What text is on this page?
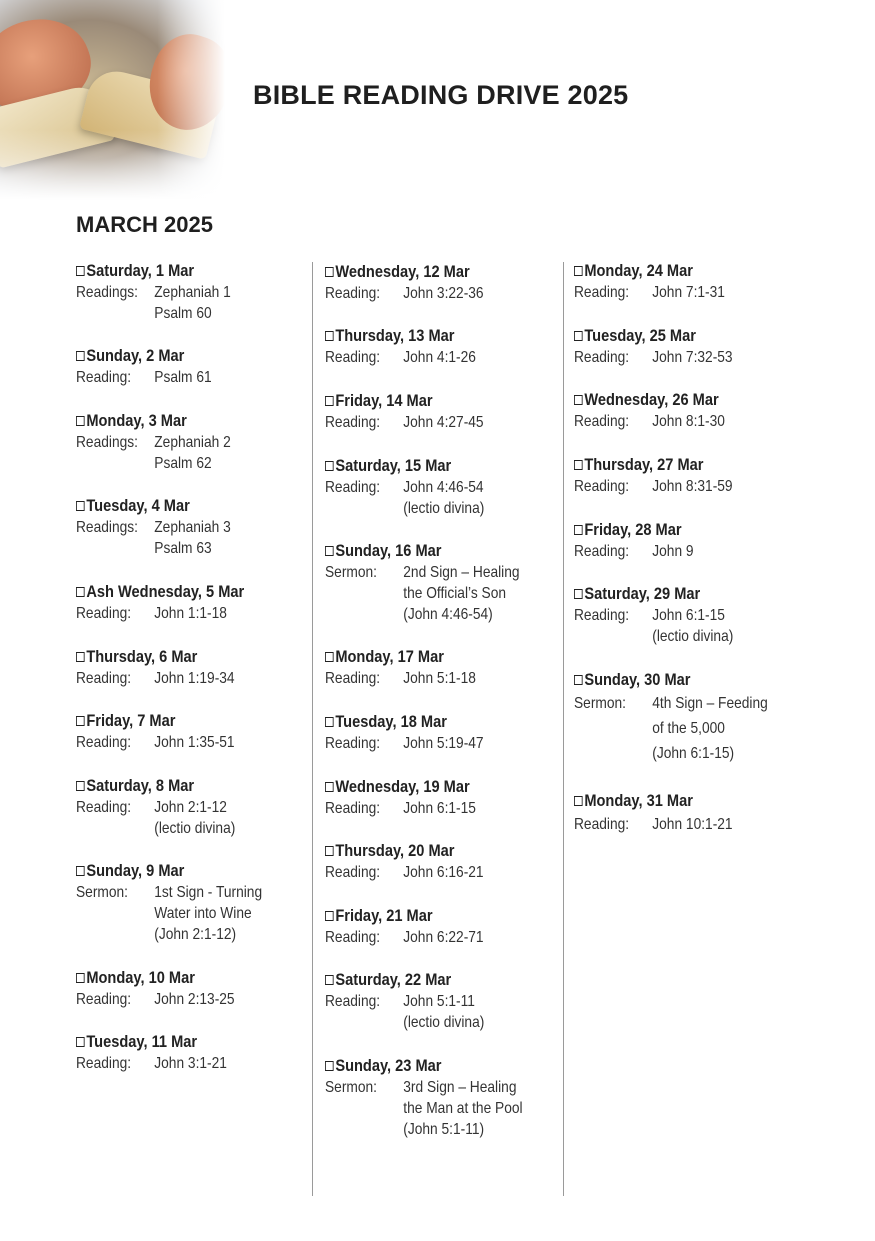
BIBLE READING DRIVE 2025
MARCH 2025
Saturday, 1 Mar
Readings:	Zephaniah 1
Psalm 60
Sunday, 2 Mar
Reading:	Psalm 61
Monday, 3 Mar
Readings:	Zephaniah 2
Psalm 62
Tuesday, 4 Mar
Readings:	Zephaniah 3
Psalm 63
Ash Wednesday, 5 Mar
Reading:	John 1:1-18
Thursday, 6 Mar
Reading:	John 1:19-34
Friday, 7 Mar
Reading:	John 1:35-51
Saturday, 8 Mar
Reading:	John 2:1-12
(lectio divina)
Sunday, 9 Mar
Sermon:	1st Sign - Turning
Water into Wine
(John 2:1-12)
Monday, 10 Mar
Reading:	John 2:13-25
Tuesday, 11 Mar
Reading:	John 3:1-21
Wednesday, 12 Mar
Reading:	John 3:22-36
Thursday, 13 Mar
Reading:	John 4:1-26
Friday, 14 Mar
Reading:	John 4:27-45
Saturday, 15 Mar
Reading:	John 4:46-54
(lectio divina)
Sunday, 16 Mar
Sermon:	2nd Sign – Healing
the Official’s Son
(John 4:46-54)
Monday, 17 Mar
Reading:	John 5:1-18
Tuesday, 18 Mar
Reading:	John 5:19-47
Wednesday, 19 Mar
Reading:	John 6:1-15
Thursday, 20 Mar
Reading:	John 6:16-21
Friday, 21 Mar
Reading:	John 6:22-71
Saturday, 22 Mar
Reading:	John 5:1-11
(lectio divina)
Sunday, 23 Mar
Sermon:	3rd Sign – Healing
the Man at the Pool
(John 5:1-11)
Monday, 24 Mar
Reading:	John 7:1-31
Tuesday, 25 Mar
Reading:	John 7:32-53
Wednesday, 26 Mar
Reading:	John 8:1-30
Thursday, 27 Mar
Reading:	John 8:31-59
Friday, 28 Mar
Reading:	John 9
Saturday, 29 Mar
Reading:	John 6:1-15
(lectio divina)
Sunday, 30 Mar
Sermon:	4th Sign – Feeding
of the 5,000
(John 6:1-15)
Monday, 31 Mar
Reading:	John 10:1-21
